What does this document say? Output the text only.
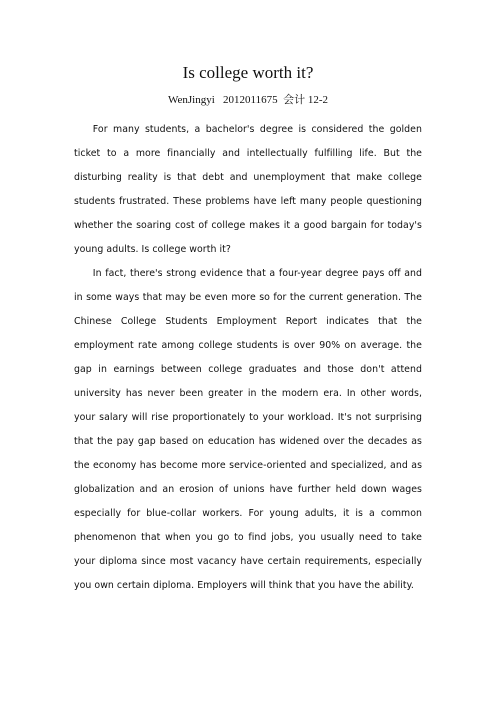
Is college worth it?
WenJingyi   2012011675  会计 12-2

For many students, a bachelor's degree is considered the golden ticket to a more financially and intellectually fulfilling life. But the disturbing reality is that debt and unemployment that make college students frustrated. These problems have left many people questioning whether the soaring cost of college makes it a good bargain for today's young adults. Is college worth it?

In fact, there's strong evidence that a four-year degree pays off and in some ways that may be even more so for the current generation. The Chinese College Students Employment Report indicates that the employment rate among college students is over 90% on average. the gap in earnings between college graduates and those don't attend university has never been greater in the modern era. In other words, your salary will rise proportionately to your workload. It's not surprising that the pay gap based on education has widened over the decades as the economy has become more service-oriented and specialized, and as globalization and an erosion of unions have further held down wages especially for blue-collar workers. For young adults, it is a common phenomenon that when you go to find jobs, you usually need to take your diploma since most vacancy have certain requirements, especially you own certain diploma. Employers will think that you have the ability.
